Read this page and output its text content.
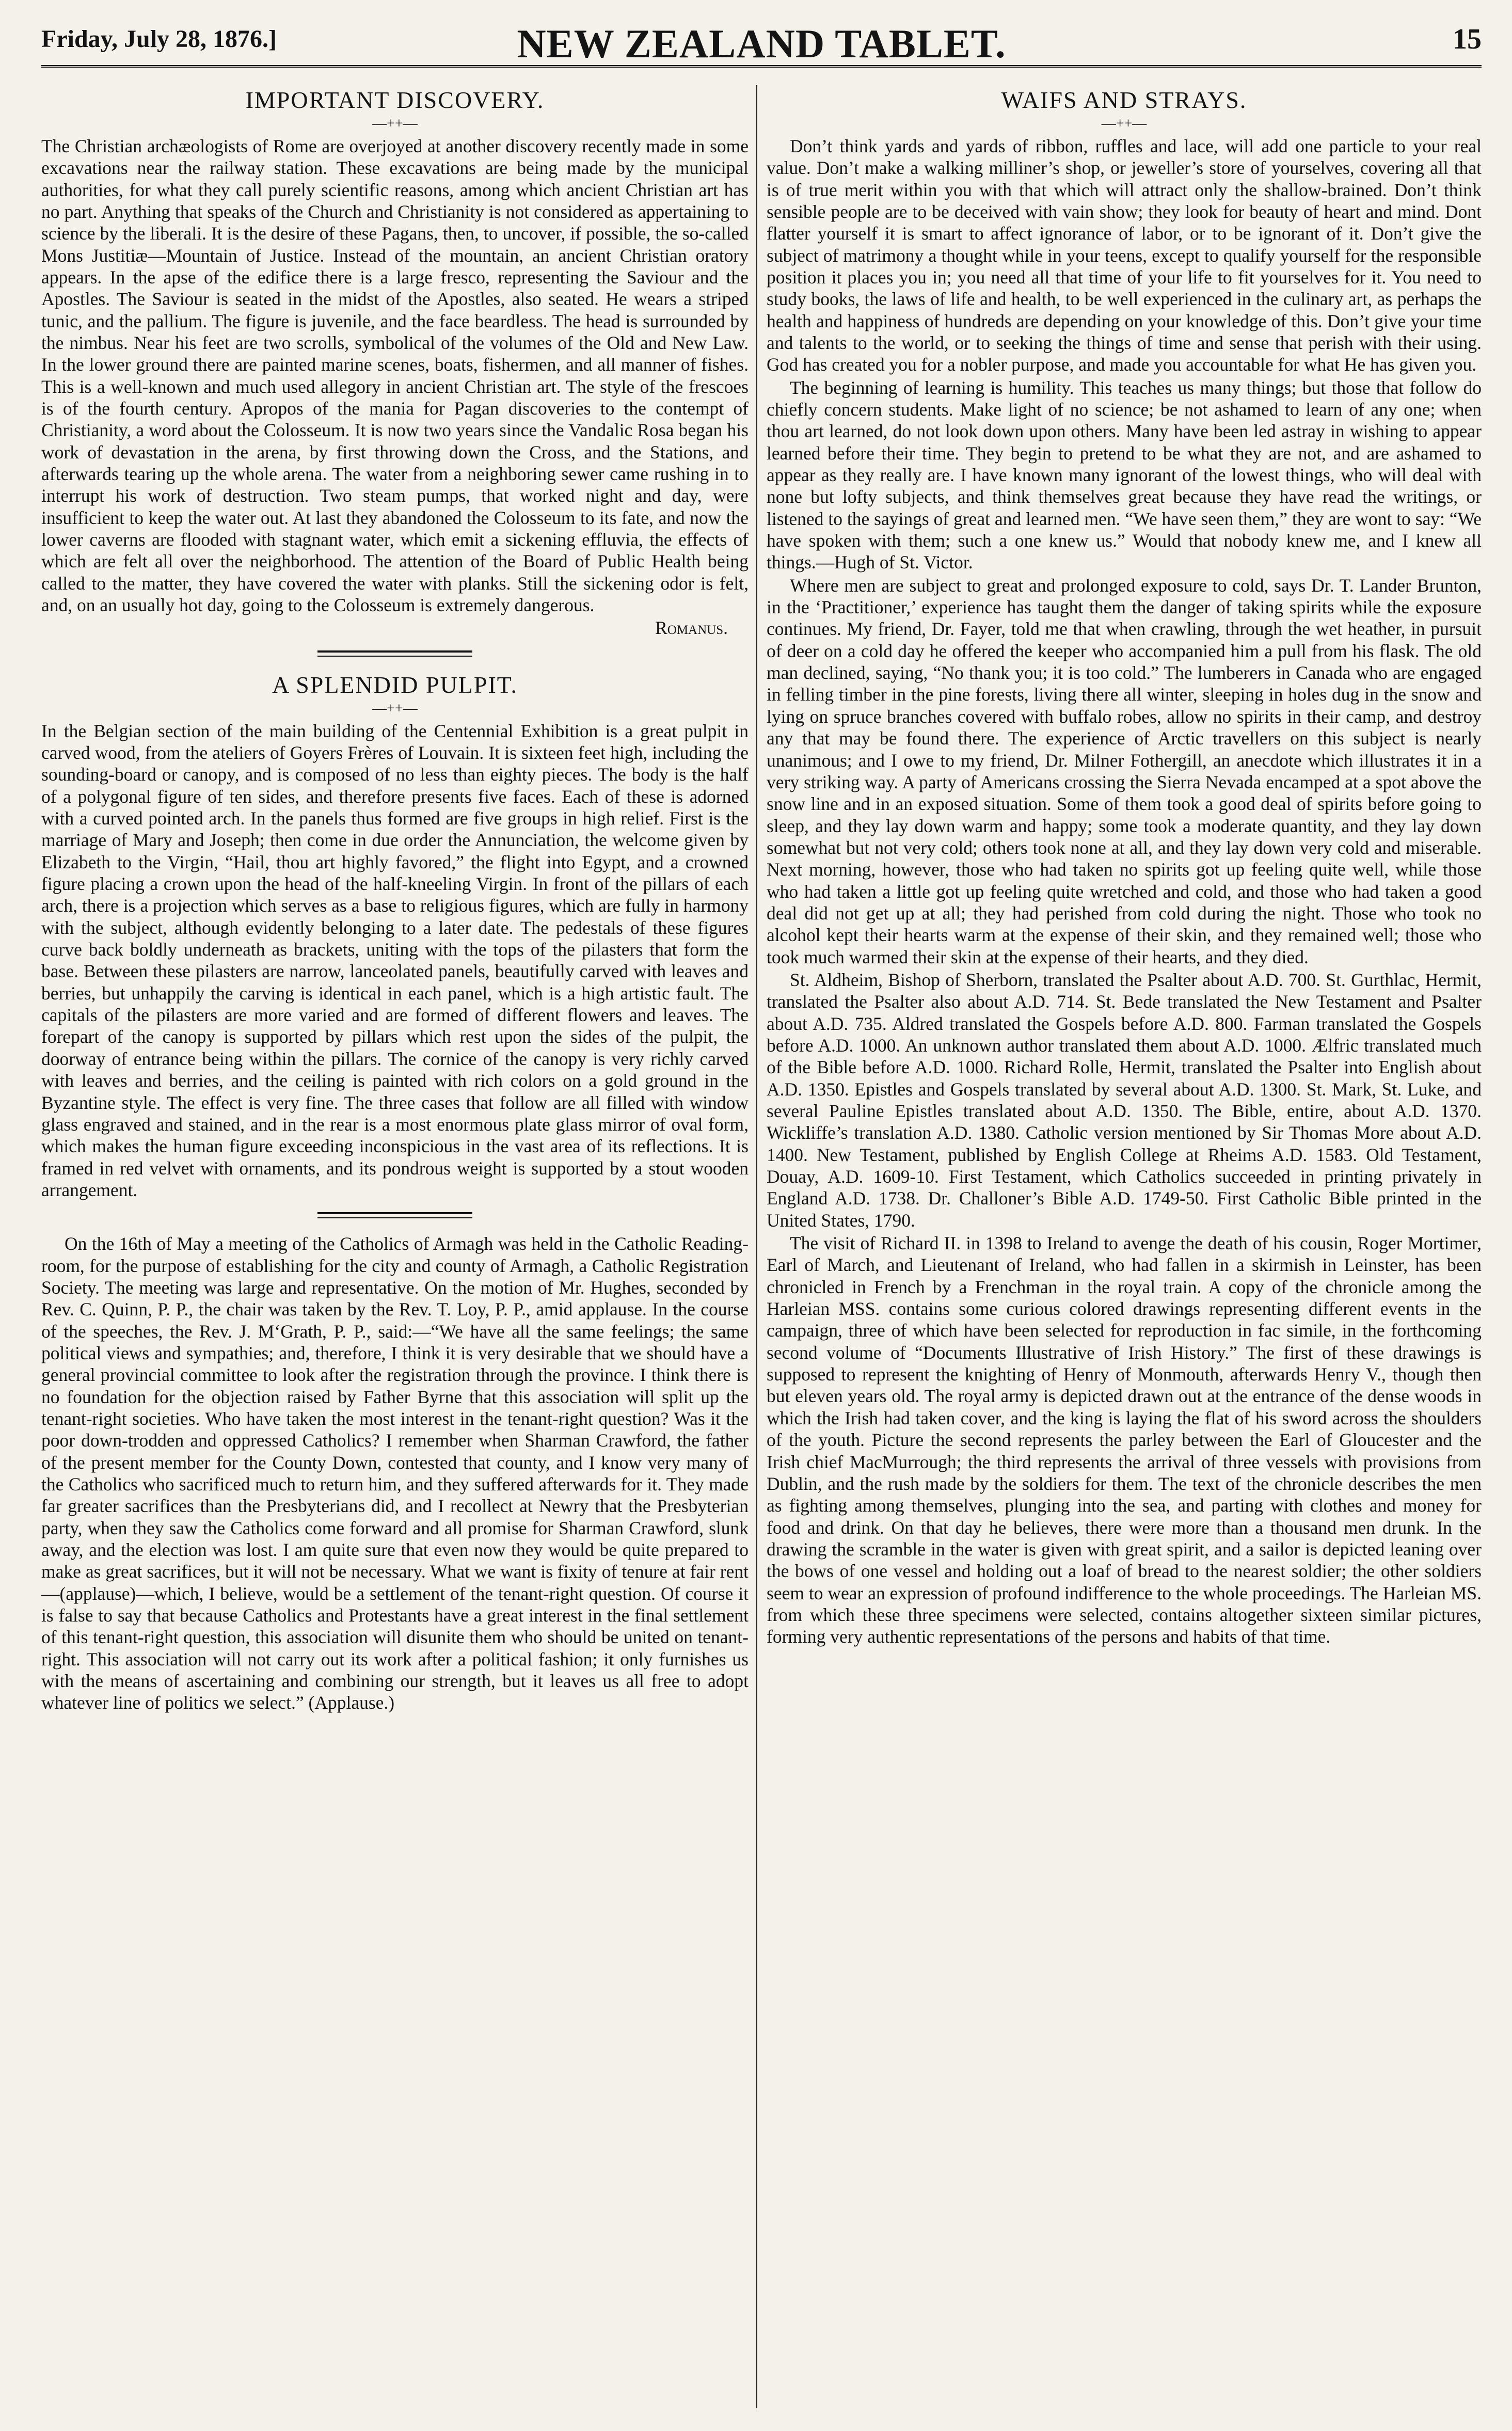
Friday, July 28, 1876.]	NEW ZEALAND TABLET.	15
IMPORTANT DISCOVERY.
—++—

The Christian archæologists of Rome are overjoyed at another discovery recently made in some excavations near the railway station. These excavations are being made by the municipal authorities, for what they call purely scientific reasons, among which ancient Christian art has no part. Anything that speaks of the Church and Christianity is not considered as appertaining to science by the liberali. It is the desire of these Pagans, then, to uncover, if possible, the so-called Mons Justitiæ—Mountain of Justice. Instead of the mountain, an ancient Christian oratory appears. In the apse of the edifice there is a large fresco, representing the Saviour and the Apostles. The Saviour is seated in the midst of the Apostles, also seated. He wears a striped tunic, and the pallium. The figure is juvenile, and the face beardless. The head is surrounded by the nimbus. Near his feet are two scrolls, symbolical of the volumes of the Old and New Law. In the lower ground there are painted marine scenes, boats, fishermen, and all manner of fishes. This is a well-known and much used allegory in ancient Christian art. The style of the frescoes is of the fourth century. Apropos of the mania for Pagan discoveries to the contempt of Christianity, a word about the Colosseum. It is now two years since the Vandalic Rosa began his work of devastation in the arena, by first throwing down the Cross, and the Stations, and afterwards tearing up the whole arena. The water from a neighboring sewer came rushing in to interrupt his work of destruction. Two steam pumps, that worked night and day, were insufficient to keep the water out. At last they abandoned the Colosseum to its fate, and now the lower caverns are flooded with stagnant water, which emit a sickening effluvia, the effects of which are felt all over the neighborhood. The attention of the Board of Public Health being called to the matter, they have covered the water with planks. Still the sickening odor is felt, and, on an usually hot day, going to the Colosseum is extremely dangerous.

Romanus.
A SPLENDID PULPIT.
—++—

In the Belgian section of the main building of the Centennial Exhibition is a great pulpit in carved wood, from the ateliers of Goyers Frères of Louvain. It is sixteen feet high, including the sounding-board or canopy, and is composed of no less than eighty pieces. The body is the half of a polygonal figure of ten sides, and therefore presents five faces. Each of these is adorned with a curved pointed arch. In the panels thus formed are five groups in high relief. First is the marriage of Mary and Joseph; then come in due order the Annunciation, the welcome given by Elizabeth to the Virgin, “Hail, thou art highly favored,” the flight into Egypt, and a crowned figure placing a crown upon the head of the half-kneeling Virgin. In front of the pillars of each arch, there is a projection which serves as a base to religious figures, which are fully in harmony with the subject, although evidently belonging to a later date. The pedestals of these figures curve back boldly underneath as brackets, uniting with the tops of the pilasters that form the base. Between these pilasters are narrow, lanceolated panels, beautifully carved with leaves and berries, but unhappily the carving is identical in each panel, which is a high artistic fault. The capitals of the pilasters are more varied and are formed of different flowers and leaves. The forepart of the canopy is supported by pillars which rest upon the sides of the pulpit, the doorway of entrance being within the pillars. The cornice of the canopy is very richly carved with leaves and berries, and the ceiling is painted with rich colors on a gold ground in the Byzantine style. The effect is very fine. The three cases that follow are all filled with window glass engraved and stained, and in the rear is a most enormous plate glass mirror of oval form, which makes the human figure exceeding inconspicious in the vast area of its reflections. It is framed in red velvet with ornaments, and its pondrous weight is supported by a stout wooden arrangement.

On the 16th of May a meeting of the Catholics of Armagh was held in the Catholic Reading-room, for the purpose of establishing for the city and county of Armagh, a Catholic Registration Society. The meeting was large and representative. On the motion of Mr. Hughes, seconded by Rev. C. Quinn, P. P., the chair was taken by the Rev. T. Loy, P. P., amid applause. In the course of the speeches, the Rev. J. M‘Grath, P. P., said:—“We have all the same feelings; the same political views and sympathies; and, therefore, I think it is very desirable that we should have a general provincial committee to look after the registration through the province. I think there is no foundation for the objection raised by Father Byrne that this association will split up the tenant-right societies. Who have taken the most interest in the tenant-right question? Was it the poor down-trodden and oppressed Catholics? I remember when Sharman Crawford, the father of the present member for the County Down, contested that county, and I know very many of the Catholics who sacrificed much to return him, and they suffered afterwards for it. They made far greater sacrifices than the Presbyterians did, and I recollect at Newry that the Presbyterian party, when they saw the Catholics come forward and all promise for Sharman Crawford, slunk away, and the election was lost. I am quite sure that even now they would be quite prepared to make as great sacrifices, but it will not be necessary. What we want is fixity of tenure at fair rent—(applause)—which, I believe, would be a settlement of the tenant-right question. Of course it is false to say that because Catholics and Protestants have a great interest in the final settlement of this tenant-right question, this association will disunite them who should be united on tenant-right. This association will not carry out its work after a political fashion; it only furnishes us with the means of ascertaining and combining our strength, but it leaves us all free to adopt whatever line of politics we select.” (Applause.)

WAIFS AND STRAYS.
—++—

Don’t think yards and yards of ribbon, ruffles and lace, will add one particle to your real value. Don’t make a walking milliner’s shop, or jeweller’s store of yourselves, covering all that is of true merit within you with that which will attract only the shallow-brained. Don’t think sensible people are to be deceived with vain show; they look for beauty of heart and mind. Dont flatter yourself it is smart to affect ignorance of labor, or to be ignorant of it. Don’t give the subject of matrimony a thought while in your teens, except to qualify yourself for the responsible position it places you in; you need all that time of your life to fit yourselves for it. You need to study books, the laws of life and health, to be well experienced in the culinary art, as perhaps the health and happiness of hundreds are depending on your knowledge of this. Don’t give your time and talents to the world, or to seeking the things of time and sense that perish with their using. God has created you for a nobler purpose, and made you accountable for what He has given you.

The beginning of learning is humility. This teaches us many things; but those that follow do chiefly concern students. Make light of no science; be not ashamed to learn of any one; when thou art learned, do not look down upon others. Many have been led astray in wishing to appear learned before their time. They begin to pretend to be what they are not, and are ashamed to appear as they really are. I have known many ignorant of the lowest things, who will deal with none but lofty subjects, and think themselves great because they have read the writings, or listened to the sayings of great and learned men. “We have seen them,” they are wont to say: “We have spoken with them; such a one knew us.” Would that nobody knew me, and I knew all things.—Hugh of St. Victor.

Where men are subject to great and prolonged exposure to cold, says Dr. T. Lander Brunton, in the ‘Practitioner,’ experience has taught them the danger of taking spirits while the exposure continues. My friend, Dr. Fayer, told me that when crawling, through the wet heather, in pursuit of deer on a cold day he offered the keeper who accompanied him a pull from his flask. The old man declined, saying, “No thank you; it is too cold.” The lumberers in Canada who are engaged in felling timber in the pine forests, living there all winter, sleeping in holes dug in the snow and lying on spruce branches covered with buffalo robes, allow no spirits in their camp, and destroy any that may be found there. The experience of Arctic travellers on this subject is nearly unanimous; and I owe to my friend, Dr. Milner Fothergill, an anecdote which illustrates it in a very striking way. A party of Americans crossing the Sierra Nevada encamped at a spot above the snow line and in an exposed situation. Some of them took a good deal of spirits before going to sleep, and they lay down warm and happy; some took a moderate quantity, and they lay down somewhat but not very cold; others took none at all, and they lay down very cold and miserable. Next morning, however, those who had taken no spirits got up feeling quite well, while those who had taken a little got up feeling quite wretched and cold, and those who had taken a good deal did not get up at all; they had perished from cold during the night. Those who took no alcohol kept their hearts warm at the expense of their skin, and they remained well; those who took much warmed their skin at the expense of their hearts, and they died.

St. Aldheim, Bishop of Sherborn, translated the Psalter about A.D. 700. St. Gurthlac, Hermit, translated the Psalter also about A.D. 714. St. Bede translated the New Testament and Psalter about A.D. 735. Aldred translated the Gospels before A.D. 800. Farman translated the Gospels before A.D. 1000. An unknown author translated them about A.D. 1000. Ælfric translated much of the Bible before A.D. 1000. Richard Rolle, Hermit, translated the Psalter into English about A.D. 1350. Epistles and Gospels translated by several about A.D. 1300. St. Mark, St. Luke, and several Pauline Epistles translated about A.D. 1350. The Bible, entire, about A.D. 1370. Wickliffe’s translation A.D. 1380. Catholic version mentioned by Sir Thomas More about A.D. 1400. New Testament, published by English College at Rheims A.D. 1583. Old Testament, Douay, A.D. 1609-10. First Testament, which Catholics succeeded in printing privately in England A.D. 1738. Dr. Challoner’s Bible A.D. 1749-50. First Catholic Bible printed in the United States, 1790.

The visit of Richard II. in 1398 to Ireland to avenge the death of his cousin, Roger Mortimer, Earl of March, and Lieutenant of Ireland, who had fallen in a skirmish in Leinster, has been chronicled in French by a Frenchman in the royal train. A copy of the chronicle among the Harleian MSS. contains some curious colored drawings representing different events in the campaign, three of which have been selected for reproduction in fac simile, in the forthcoming second volume of “Documents Illustrative of Irish History.” The first of these drawings is supposed to represent the knighting of Henry of Monmouth, afterwards Henry V., though then but eleven years old. The royal army is depicted drawn out at the entrance of the dense woods in which the Irish had taken cover, and the king is laying the flat of his sword across the shoulders of the youth. Picture the second represents the parley between the Earl of Gloucester and the Irish chief MacMurrough; the third represents the arrival of three vessels with provisions from Dublin, and the rush made by the soldiers for them. The text of the chronicle describes the men as fighting among themselves, plunging into the sea, and parting with clothes and money for food and drink. On that day he believes, there were more than a thousand men drunk. In the drawing the scramble in the water is given with great spirit, and a sailor is depicted leaning over the bows of one vessel and holding out a loaf of bread to the nearest soldier; the other soldiers seem to wear an expression of profound indifference to the whole proceedings. The Harleian MS. from which these three specimens were selected, contains altogether sixteen similar pictures, forming very authentic representations of the persons and habits of that time.
